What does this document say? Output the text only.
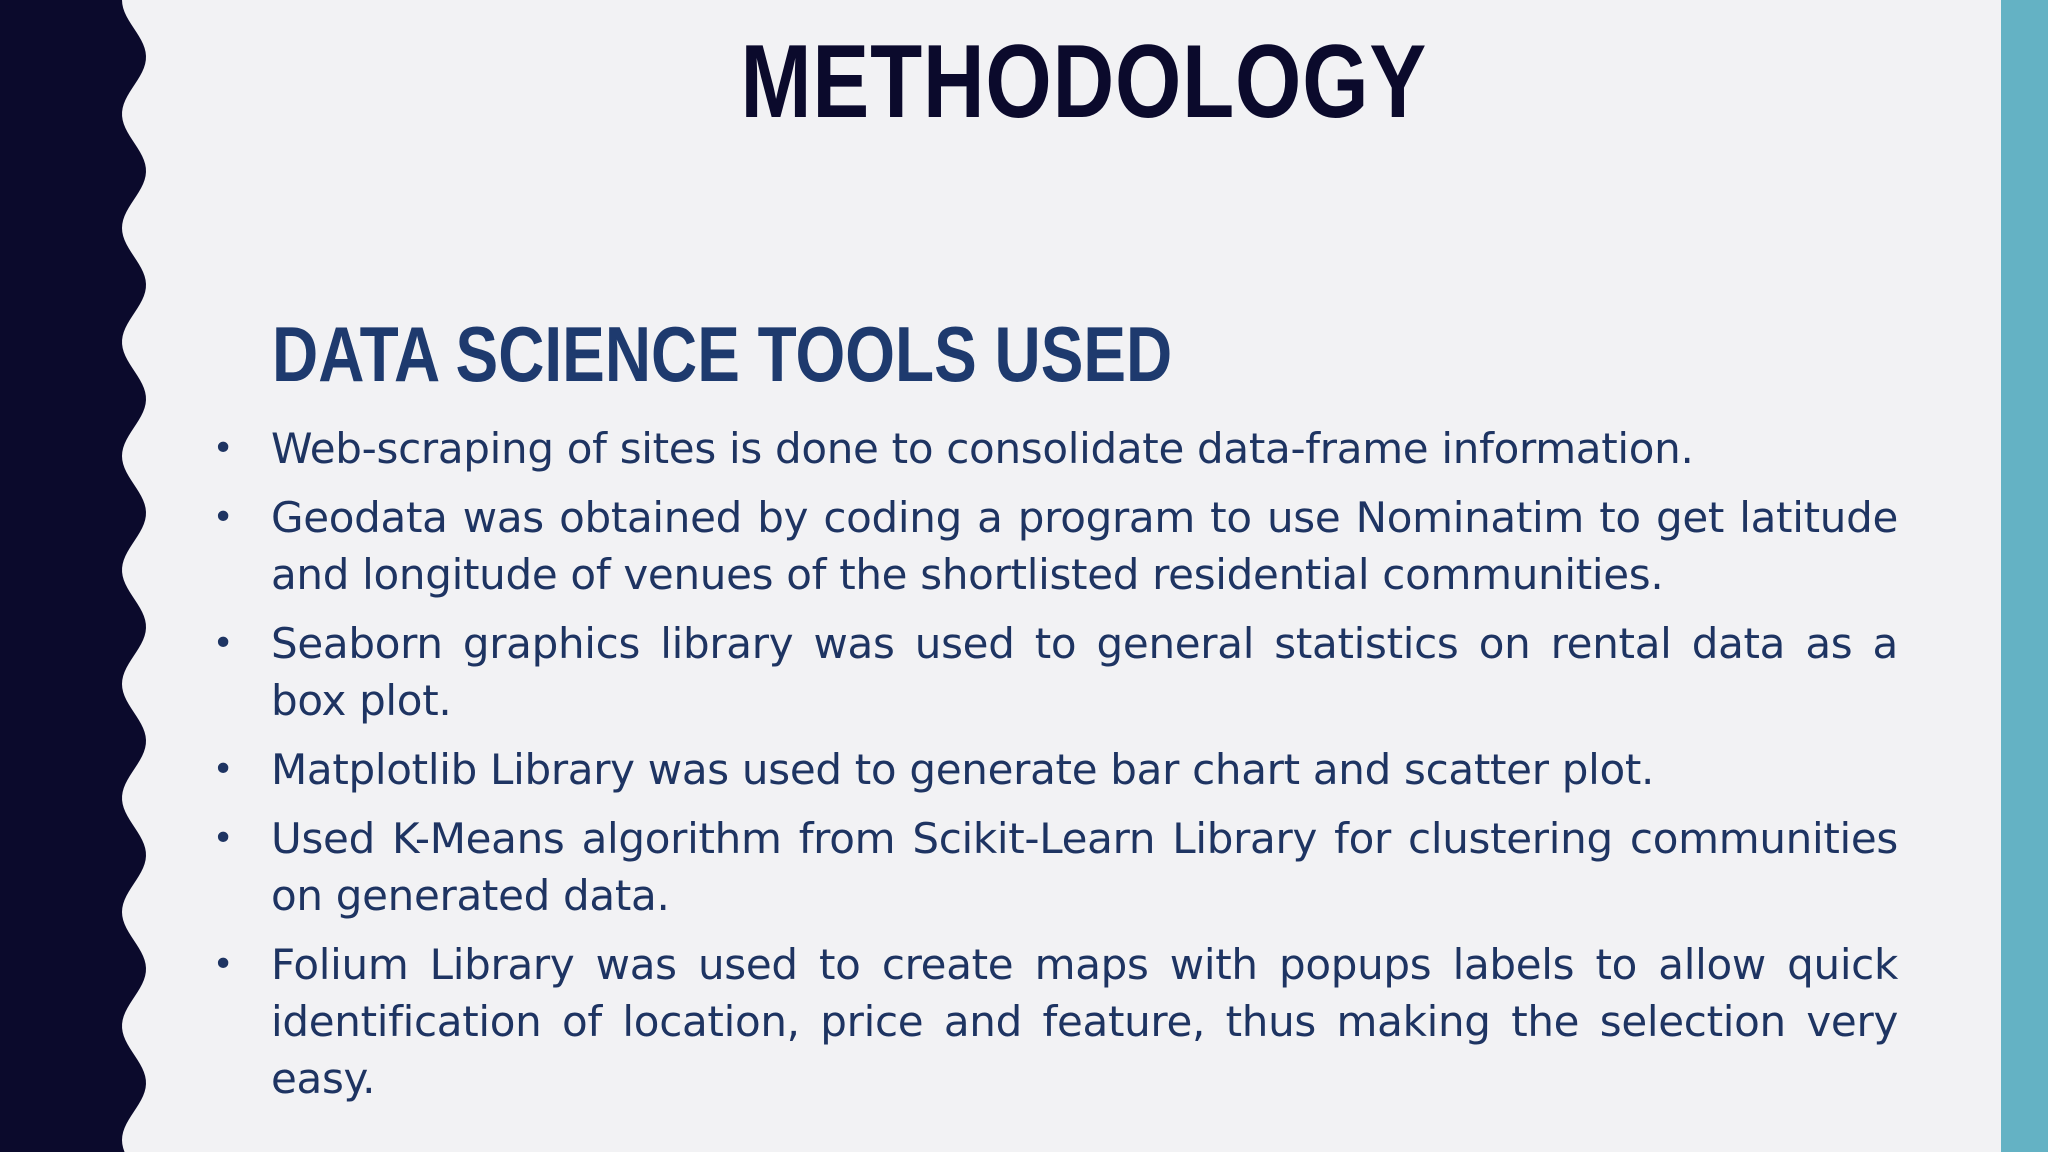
METHODOLOGY
DATA SCIENCE TOOLS USED
• Web-scraping of sites is done to consolidate data-frame information.
• Geodata was obtained by coding a program to use Nominatim to get latitude and longitude of venues of the shortlisted residential communities.
• Seaborn graphics library was used to general statistics on rental data as a box plot.
• Matplotlib Library was used to generate bar chart and scatter plot.
• Used K-Means algorithm from Scikit-Learn Library for clustering communities on generated data.
• Folium Library was used to create maps with popups labels to allow quick identification of location, price and feature, thus making the selection very easy.
